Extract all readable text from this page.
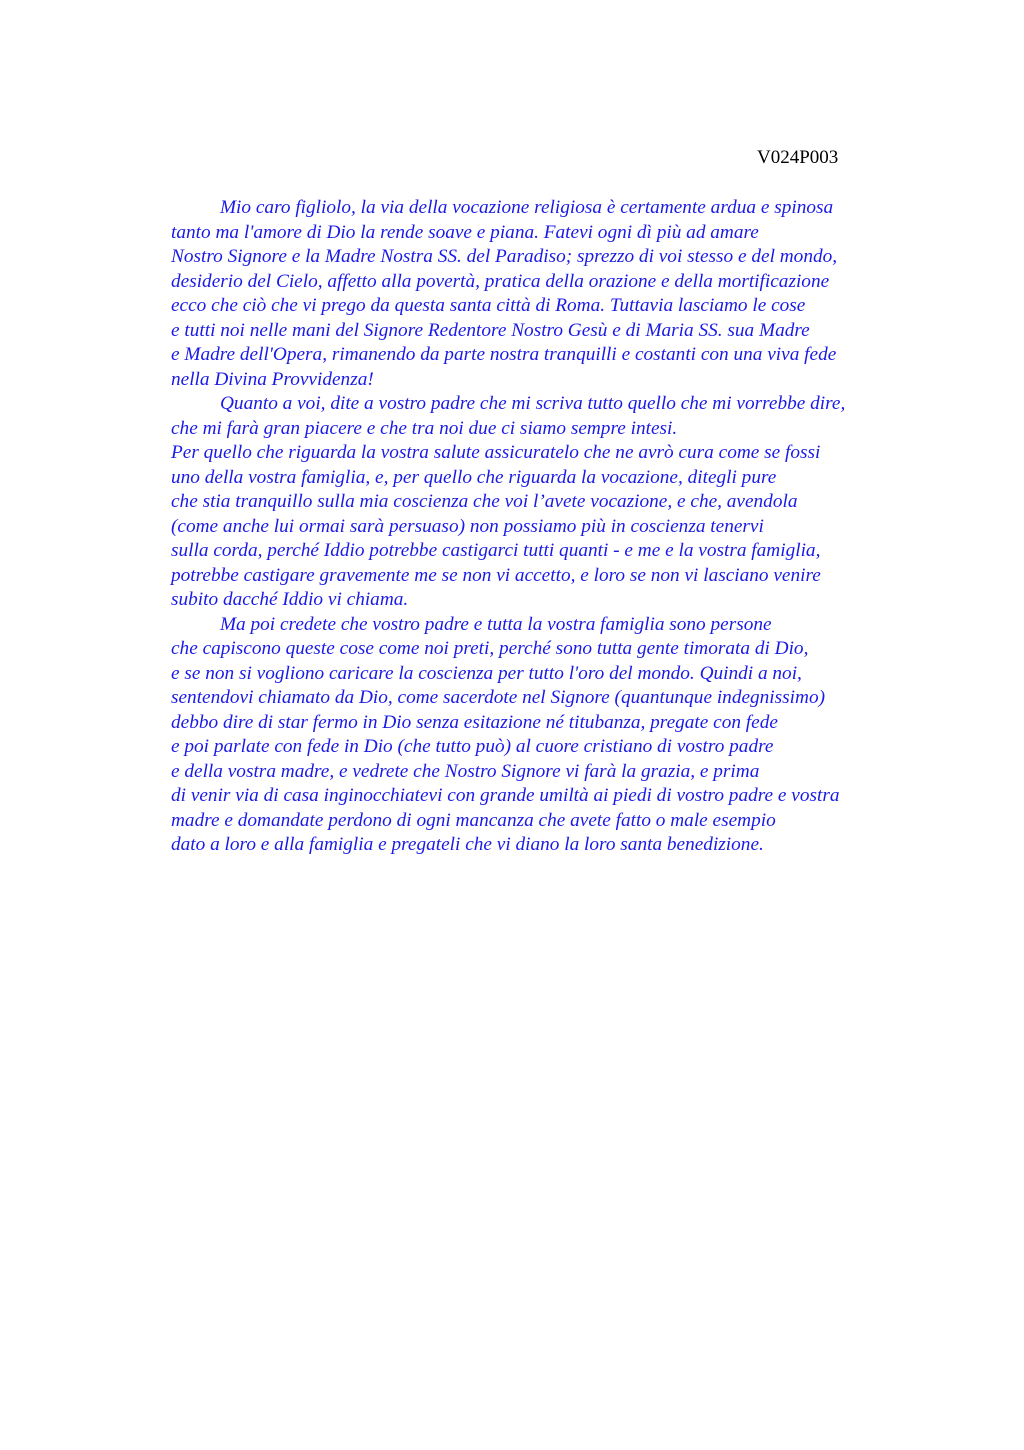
V024P003
Mio caro figliolo, la via della vocazione religiosa è certamente ardua e spinosa
tanto ma l'amore di Dio la rende soave e piana. Fatevi ogni dì più ad amare
Nostro Signore e la Madre Nostra SS. del Paradiso; sprezzo di voi stesso e del mondo,
desiderio del Cielo, affetto alla povertà, pratica della orazione e della mortificazione
ecco che ciò che vi prego da questa santa città di Roma. Tuttavia lasciamo le cose
e tutti noi nelle mani del Signore Redentore Nostro Gesù e di Maria SS. sua Madre
e Madre dell'Opera, rimanendo da parte nostra tranquilli e costanti con una viva fede
nella Divina Provvidenza!
Quanto a voi, dite a vostro padre che mi scriva tutto quello che mi vorrebbe dire,
che mi farà gran piacere e che tra noi due ci siamo sempre intesi.
Per quello che riguarda la vostra salute assicuratelo che ne avrò cura come se fossi
uno della vostra famiglia, e, per quello che riguarda la vocazione, ditegli pure
che stia tranquillo sulla mia coscienza che voi l’avete vocazione, e che, avendola
(come anche lui ormai sarà persuaso) non possiamo più in coscienza tenervi
sulla corda, perché Iddio potrebbe castigarci tutti quanti - e me e la vostra famiglia,
potrebbe castigare gravemente me se non vi accetto, e loro se non vi lasciano venire
subito dacché Iddio vi chiama.
Ma poi credete che vostro padre e tutta la vostra famiglia sono persone
che capiscono queste cose come noi preti, perché sono tutta gente timorata di Dio,
e se non si vogliono caricare la coscienza per tutto l'oro del mondo. Quindi a noi,
sentendovi chiamato da Dio, come sacerdote nel Signore (quantunque indegnissimo)
debbo dire di star fermo in Dio senza esitazione né titubanza, pregate con fede
e poi parlate con fede in Dio (che tutto può) al cuore cristiano di vostro padre
e della vostra madre, e vedrete che Nostro Signore vi farà la grazia, e prima
di venir via di casa inginocchiatevi con grande umiltà ai piedi di vostro padre e vostra
madre e domandate perdono di ogni mancanza che avete fatto o male esempio
dato a loro e alla famiglia e pregateli che vi diano la loro santa benedizione.
